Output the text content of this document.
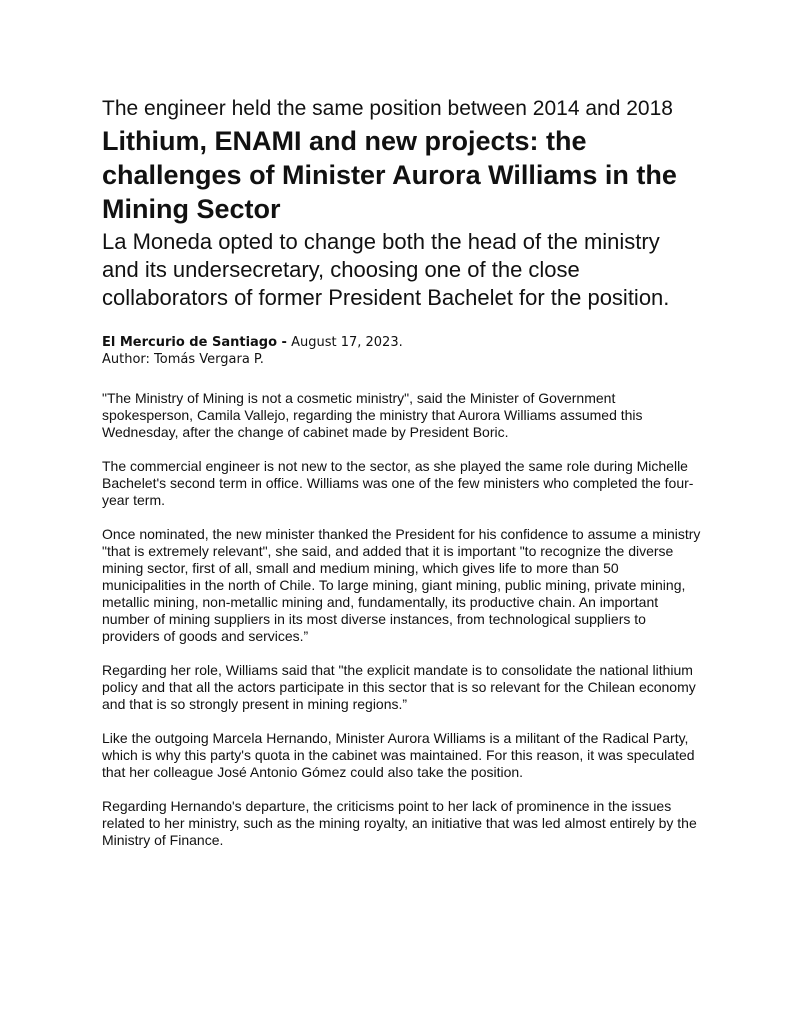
The engineer held the same position between 2014 and 2018
Lithium, ENAMI and new projects: the challenges of Minister Aurora Williams in the Mining Sector
La Moneda opted to change both the head of the ministry and its undersecretary, choosing one of the close collaborators of former President Bachelet for the position.
El Mercurio de Santiago - August 17, 2023.
Author: Tomás Vergara P.

"The Ministry of Mining is not a cosmetic ministry", said the Minister of Government spokesperson, Camila Vallejo, regarding the ministry that Aurora Williams assumed this Wednesday, after the change of cabinet made by President Boric.

The commercial engineer is not new to the sector, as she played the same role during Michelle Bachelet's second term in office. Williams was one of the few ministers who completed the four-year term.

Once nominated, the new minister thanked the President for his confidence to assume a ministry "that is extremely relevant", she said, and added that it is important "to recognize the diverse mining sector, first of all, small and medium mining, which gives life to more than 50 municipalities in the north of Chile. To large mining, giant mining, public mining, private mining, metallic mining, non-metallic mining and, fundamentally, its productive chain. An important number of mining suppliers in its most diverse instances, from technological suppliers to providers of goods and services.”

Regarding her role, Williams said that "the explicit mandate is to consolidate the national lithium policy and that all the actors participate in this sector that is so relevant for the Chilean economy and that is so strongly present in mining regions.”

Like the outgoing Marcela Hernando, Minister Aurora Williams is a militant of the Radical Party, which is why this party's quota in the cabinet was maintained. For this reason, it was speculated that her colleague José Antonio Gómez could also take the position.

Regarding Hernando's departure, the criticisms point to her lack of prominence in the issues related to her ministry, such as the mining royalty, an initiative that was led almost entirely by the Ministry of Finance.
